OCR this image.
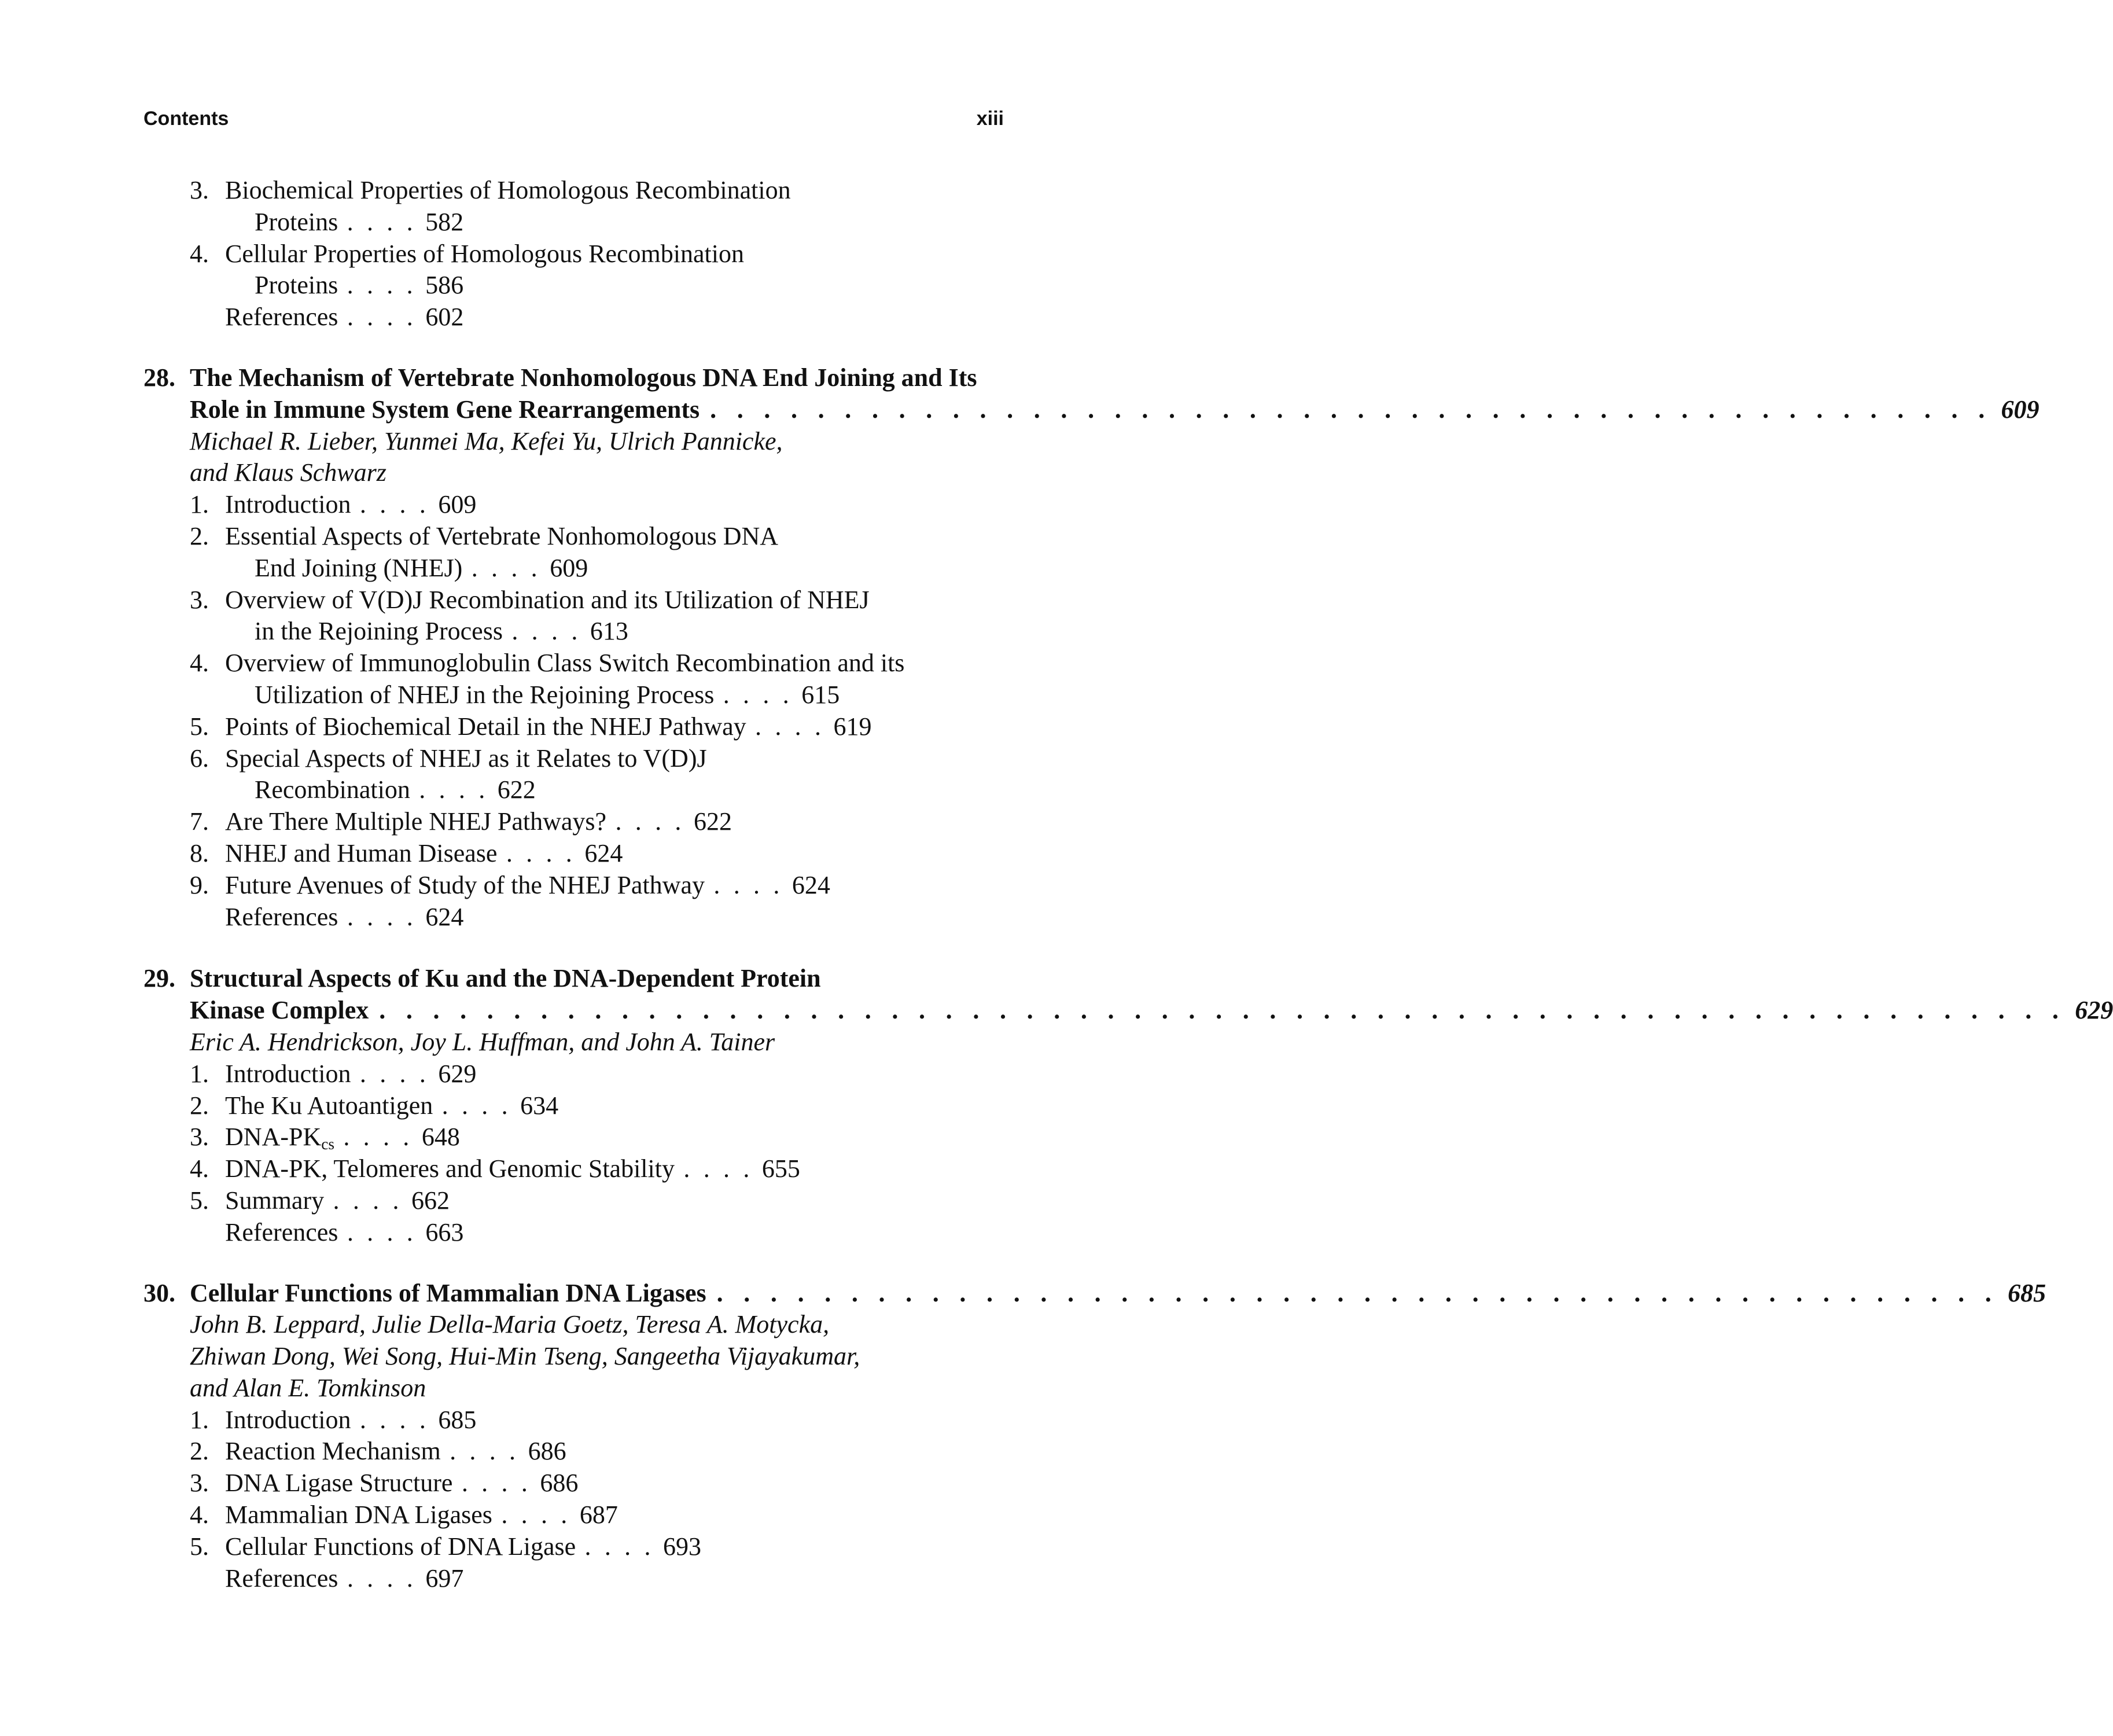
Contents	xiii
3. Biochemical Properties of Homologous Recombination
Proteins . . . . 582
4. Cellular Properties of Homologous Recombination
Proteins . . . . 586
References . . . . 602
28. The Mechanism of Vertebrate Nonhomologous DNA End Joining and Its
Role in Immune System Gene Rearrangements . . . . . . . . . . . . . . . . . . . . . . . . . . . . . . . . . . . . . . . . . . . . . . . . 609
Michael R. Lieber, Yunmei Ma, Kefei Yu, Ulrich Pannicke,
and Klaus Schwarz
1. Introduction . . . . 609
2. Essential Aspects of Vertebrate Nonhomologous DNA
End Joining (NHEJ) . . . . 609
3. Overview of V(D)J Recombination and its Utilization of NHEJ
in the Rejoining Process . . . . 613
4. Overview of Immunoglobulin Class Switch Recombination and its
Utilization of NHEJ in the Rejoining Process . . . . 615
5. Points of Biochemical Detail in the NHEJ Pathway . . . . 619
6. Special Aspects of NHEJ as it Relates to V(D)J
Recombination . . . . 622
7. Are There Multiple NHEJ Pathways? . . . . 622
8. NHEJ and Human Disease . . . . 624
9. Future Avenues of Study of the NHEJ Pathway . . . . 624
References . . . . 624
29. Structural Aspects of Ku and the DNA-Dependent Protein
Kinase Complex . . . . . . . . . . . . . . . . . . . . . . . . . . . . . . . . . . . . . . . . . . . . . . . . . . . . . . . . . . . . . . . 629
Eric A. Hendrickson, Joy L. Huffman, and John A. Tainer
1. Introduction . . . . 629
2. The Ku Autoantigen . . . . 634
3. DNA-$PK_{cs}$ . . . . 648
4. DNA-PK, Telomeres and Genomic Stability . . . . 655
5. Summary . . . . 662
References . . . . 663
30. Cellular Functions of Mammalian DNA Ligases . . . . . . . . . . . . . . . . . . . . . . . . . . . . . . . . . . . . . . . . . . . . . . . . 685
John B. Leppard, Julie Della-Maria Goetz, Teresa A. Motycka,
Zhiwan Dong, Wei Song, Hui-Min Tseng, Sangeetha Vijayakumar,
and Alan E. Tomkinson
1. Introduction . . . . 685
2. Reaction Mechanism . . . . 686
3. DNA Ligase Structure . . . . 686
4. Mammalian DNA Ligases . . . . 687
5. Cellular Functions of DNA Ligase . . . . 693
References . . . . 697
